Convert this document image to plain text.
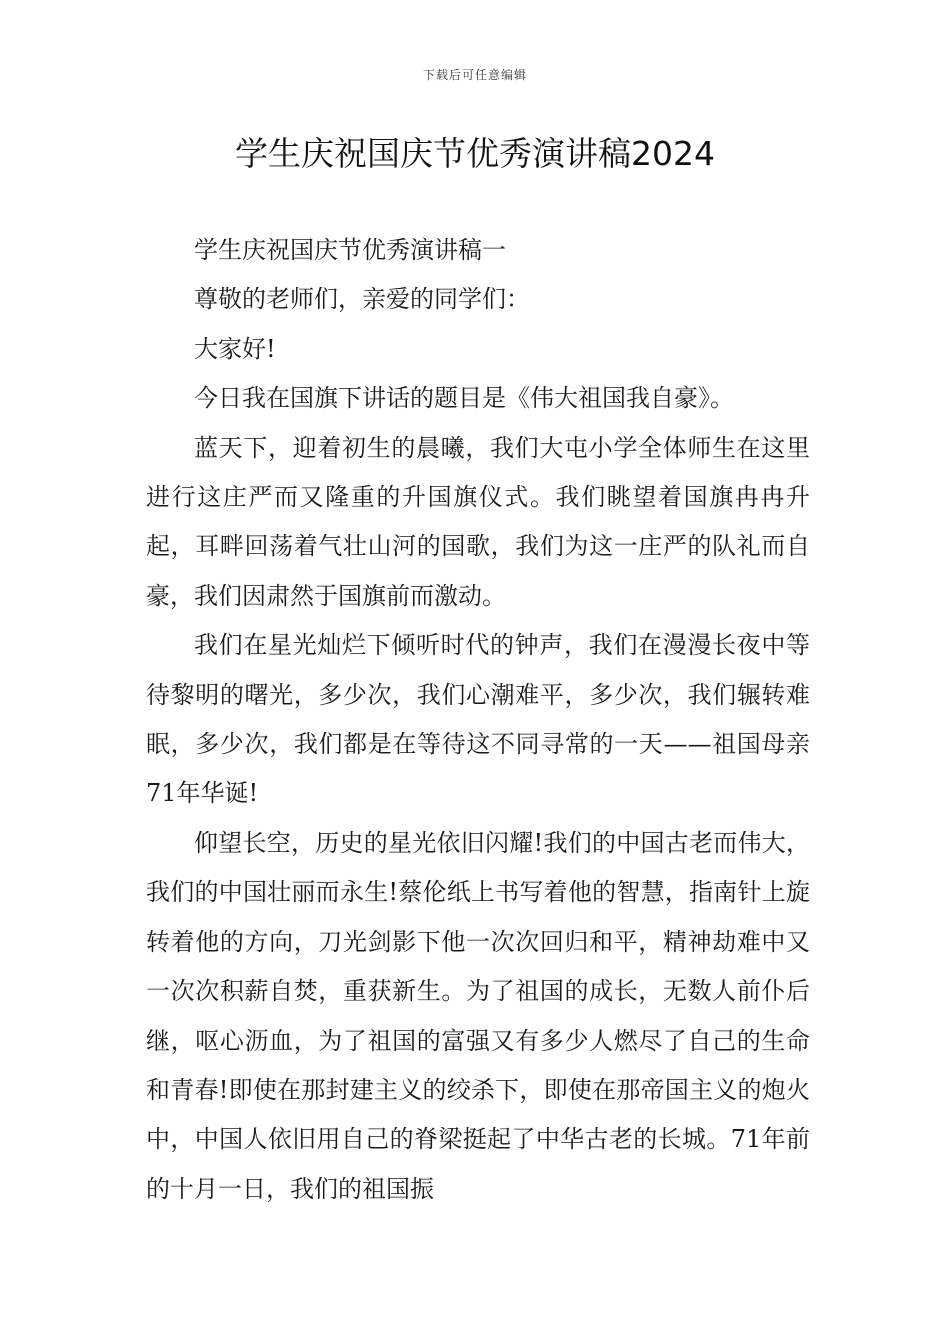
下载后可任意编辑
学生庆祝国庆节优秀演讲稿2024

学生庆祝国庆节优秀演讲稿一

尊敬的老师们，亲爱的同学们：

大家好!

今日我在国旗下讲话的题目是《伟大祖国我自豪》。

蓝天下，迎着初生的晨曦，我们大屯小学全体师生在这里进行这庄严而又隆重的升国旗仪式。我们眺望着国旗冉冉升起，耳畔回荡着气壮山河的国歌，我们为这一庄严的队礼而自豪，我们因肃然于国旗前而激动。

我们在星光灿烂下倾听时代的钟声，我们在漫漫长夜中等待黎明的曙光，多少次，我们心潮难平，多少次，我们辗转难眠，多少次，我们都是在等待这不同寻常的一天——祖国母亲71年华诞!

仰望长空，历史的星光依旧闪耀!我们的中国古老而伟大，我们的中国壮丽而永生!蔡伦纸上书写着他的智慧，指南针上旋转着他的方向，刀光剑影下他一次次回归和平，精神劫难中又一次次积薪自焚，重获新生。为了祖国的成长，无数人前仆后继，呕心沥血，为了祖国的富强又有多少人燃尽了自己的生命和青春!即使在那封建主义的绞杀下，即使在那帝国主义的炮火中，中国人依旧用自己的脊梁挺起了中华古老的长城。71年前的十月一日，我们的祖国振
